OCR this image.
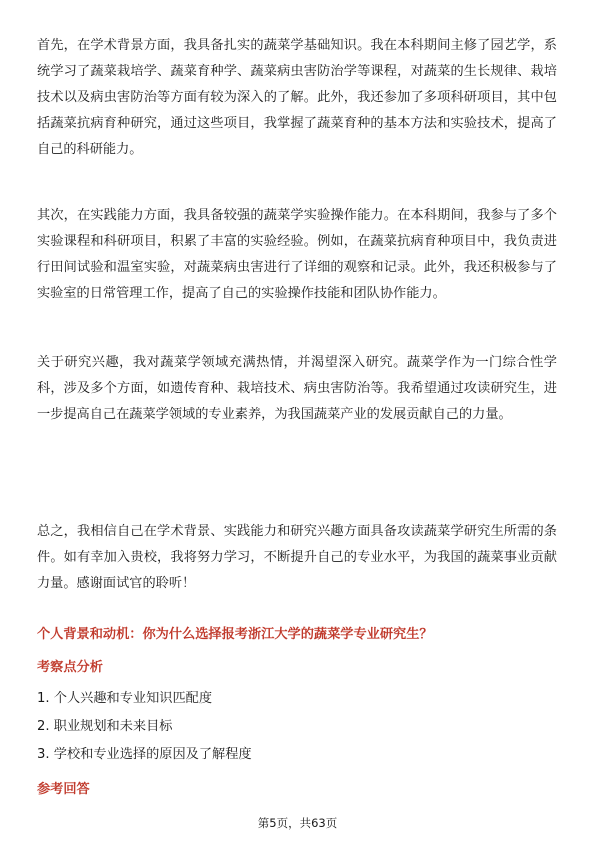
首先，在学术背景方面，我具备扎实的蔬菜学基础知识。我在本科期间主修了园艺学，系统学习了蔬菜栽培学、蔬菜育种学、蔬菜病虫害防治学等课程，对蔬菜的生长规律、栽培技术以及病虫害防治等方面有较为深入的了解。此外，我还参加了多项科研项目，其中包括蔬菜抗病育种研究，通过这些项目，我掌握了蔬菜育种的基本方法和实验技术，提高了自己的科研能力。

其次，在实践能力方面，我具备较强的蔬菜学实验操作能力。在本科期间，我参与了多个实验课程和科研项目，积累了丰富的实验经验。例如，在蔬菜抗病育种项目中，我负责进行田间试验和温室实验，对蔬菜病虫害进行了详细的观察和记录。此外，我还积极参与了实验室的日常管理工作，提高了自己的实验操作技能和团队协作能力。

关于研究兴趣，我对蔬菜学领域充满热情，并渴望深入研究。蔬菜学作为一门综合性学科，涉及多个方面，如遗传育种、栽培技术、病虫害防治等。我希望通过攻读研究生，进一步提高自己在蔬菜学领域的专业素养，为我国蔬菜产业的发展贡献自己的力量。

总之，我相信自己在学术背景、实践能力和研究兴趣方面具备攻读蔬菜学研究生所需的条件。如有幸加入贵校，我将努力学习，不断提升自己的专业水平，为我国的蔬菜事业贡献力量。感谢面试官的聆听！

个人背景和动机：你为什么选择报考浙江大学的蔬菜学专业研究生？
考察点分析
1. 个人兴趣和专业知识匹配度
2. 职业规划和未来目标
3. 学校和专业选择的原因及了解程度
参考回答
第5页，共63页
